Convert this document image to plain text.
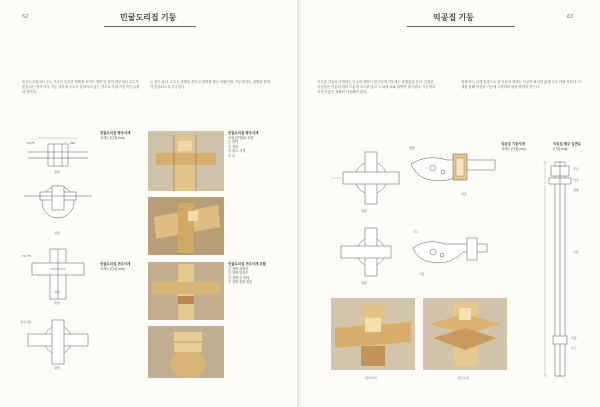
62	민굴도리집 기둥
민굴도리집에서 주두 가공이 특이한 형태를 보이는 창방 및 장여 하부에서 주두가 맞춤되는 방식이다. 기둥 상부에 주두가 올라가지 않는 경우로 가장 기본적인 유형의 것이다.
는 것이 좋다. 주두는 창방을 끼우고 장여를 받는 역할이며, 기둥 머리는 창방과 장여가 맞춤되도록 가공한다.
72×75	240
평면
입면
72×75
평면
장여 (장)
평면
입면
민굴도리집 평주사개
상세도 (단위 mm)
민굴도리집 평주사개
조립 (인방)와 조합
① 장여
② 창방
③ 평주 사개
④ 보
민굴도리집 귀주사개
상세도 (단위 mm)
민굴도리집 귀주사개 조합
① 창방 왕장부
② 창방 암장부
③ 창방 끝 장혀
④ 창방 장혀 장부
63
익공집 기둥
익공집 기둥의 사개에는 익공과 창방이 결구되며 기둥에는 창방홈을 둔다. 간결한 익공집은 기둥의 머리 부분에 주두를 얹고 그 위에 보와 창방이 결구된다. 기둥머리 사개 부분은 정확히 가공해야 한다.
화채 또는 사개 맞춤으로 한 익공의 형태는 익공이 빠지지 않게 주두 아래 끼운다. 사개를 통해 익공을 기둥에 고정하며 평방 장여를 받는다.
평면
평면
창방
익공
주두
기둥
익공집 기둥사개
상세도 (단위 mm)
익공집 평주 입면도
(단위 mm)
주두
익공
창방
기둥
익공
주두
평주사개	귀주사개
